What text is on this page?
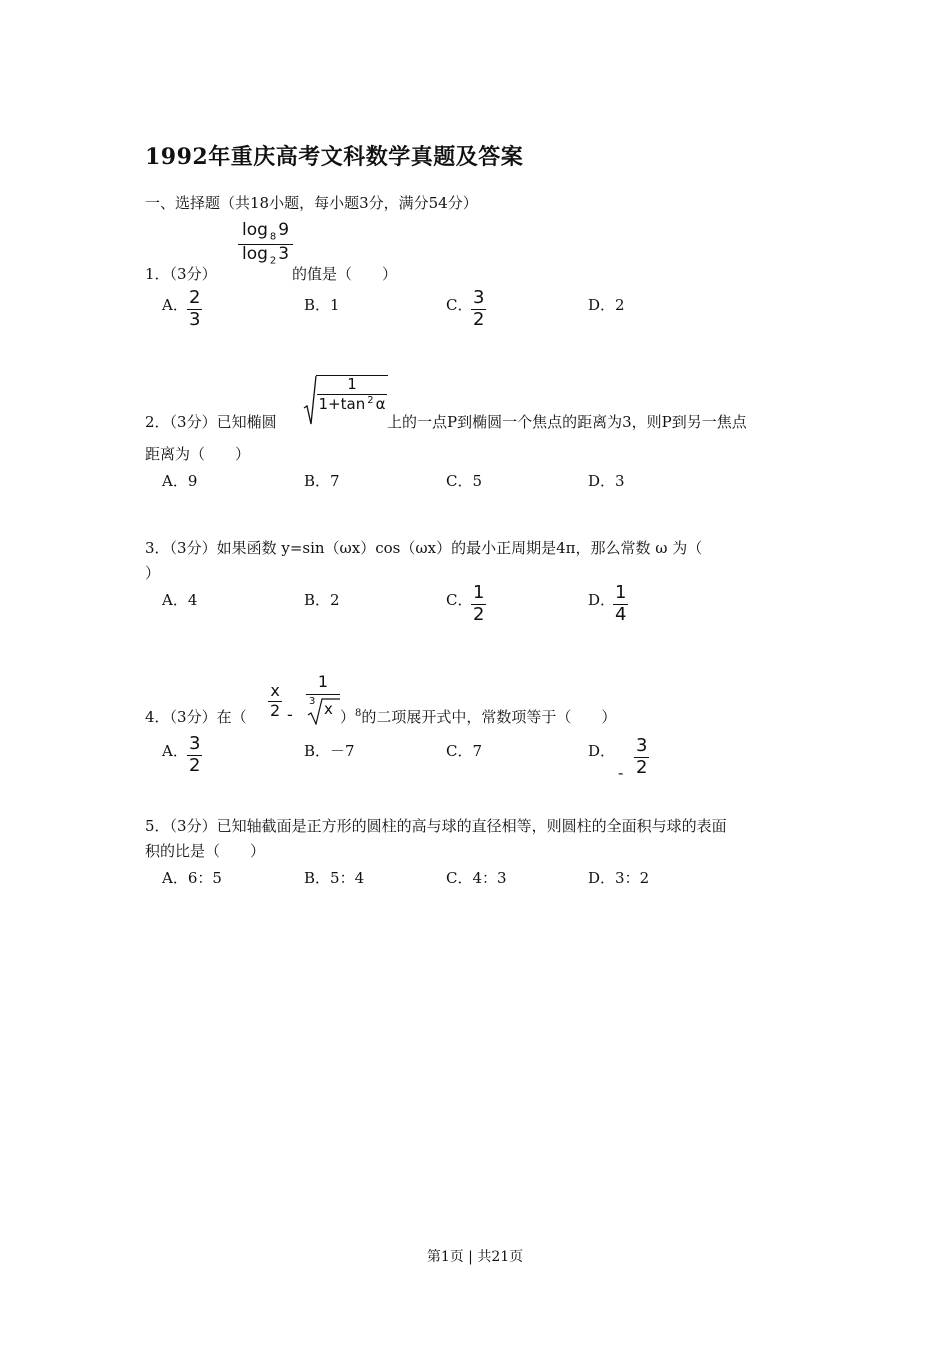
1992年重庆高考文科数学真题及答案
一、选择题（共18小题，每小题3分，满分54分）
1．（3分）
log $_8$ 9
log $_2$ 3
的值是（　　）
A． 2
3
B．1	C． 3
2
D．2
2．（3分）已知椭圆
1
1+tan $^2$ α
上的一点P到椭圆一个焦点的距离为3，则P到另一焦点
距离为（　　）
A．9	B．7	C．5	D．3
3．（3分）如果函数 y=sin（ωx）cos（ωx）的最小正周期是4π，那么常数 ω 为（
）
A．4	B．2	C． 1
2
D． 1
4
4．（3分）在（
x
2 -
1
3 x ）$^8$的二项展开式中，常数项等于（　　）
A． 3
2
B．－7	C．7	D．
-
3
2
5．（3分）已知轴截面是正方形的圆柱的高与球的直径相等，则圆柱的全面积与球的表面
积的比是（　　）
A．6：5	B．5：4	C．4：3	D．3：2
第1页 | 共21页
